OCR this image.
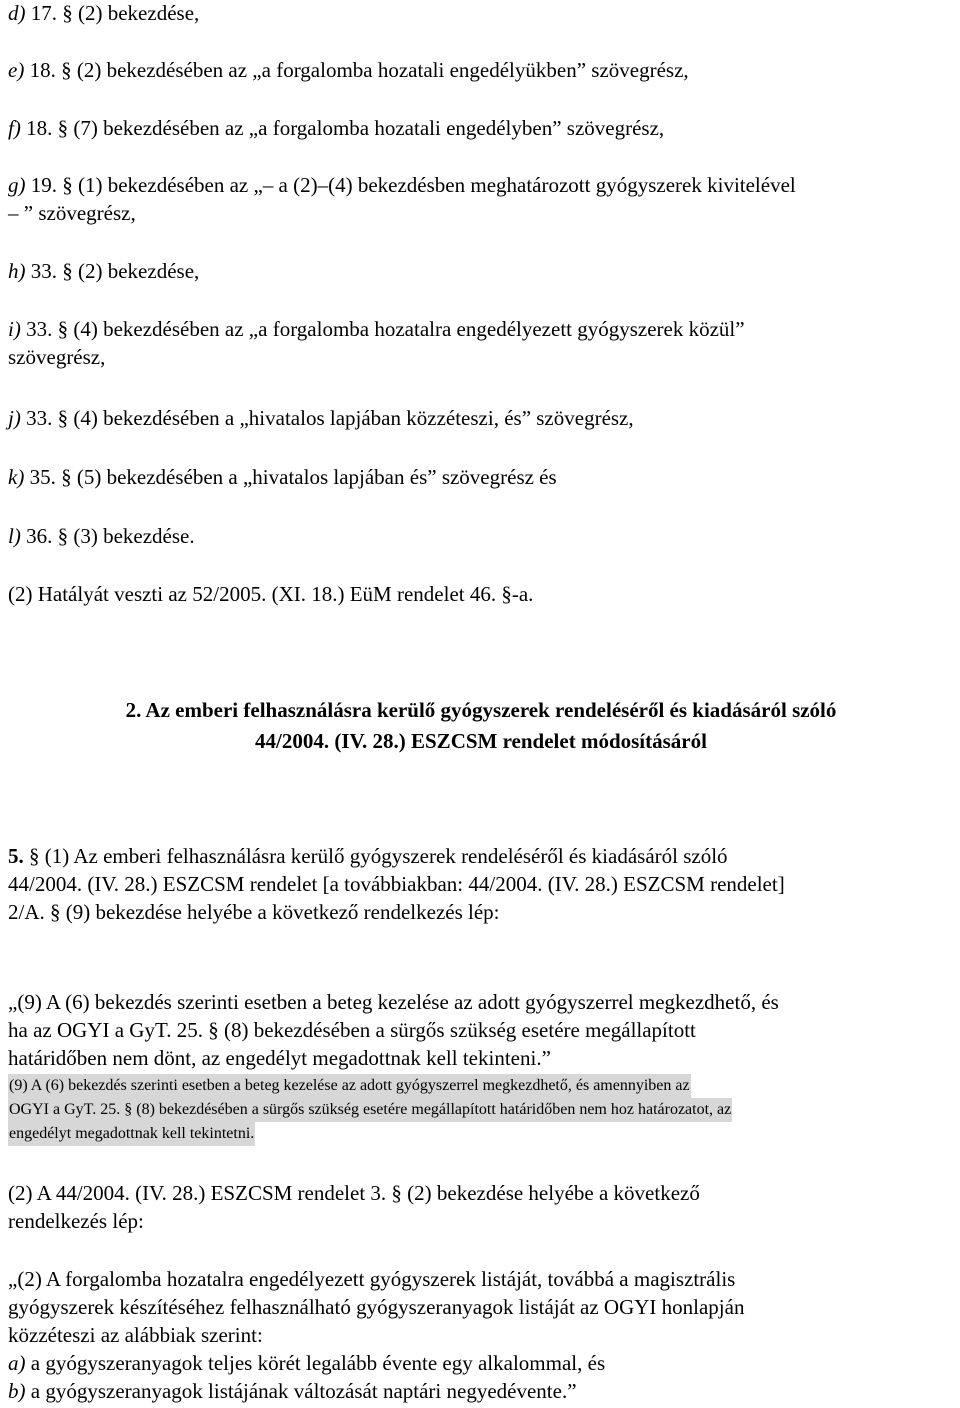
d) 17. § (2) bekezdése,
e) 18. § (2) bekezdésében az „a forgalomba hozatali engedélyükben” szövegrész,
f) 18. § (7) bekezdésében az „a forgalomba hozatali engedélyben” szövegrész,
g) 19. § (1) bekezdésében az „– a (2)–(4) bekezdésben meghatározott gyógyszerek kivitelével
– ” szövegrész,
h) 33. § (2) bekezdése,
i) 33. § (4) bekezdésében az „a forgalomba hozatalra engedélyezett gyógyszerek közül”
szövegrész,
j) 33. § (4) bekezdésében a „hivatalos lapjában közzéteszi, és” szövegrész,
k) 35. § (5) bekezdésében a „hivatalos lapjában és” szövegrész és
l) 36. § (3) bekezdése.
(2) Hatályát veszti az 52/2005. (XI. 18.) EüM rendelet 46. §-a.
2. Az emberi felhasználásra kerülő gyógyszerek rendeléséről és kiadásáról szóló
44/2004. (IV. 28.) ESZCSM rendelet módosításáról
5. § (1) Az emberi felhasználásra kerülő gyógyszerek rendeléséről és kiadásáról szóló
44/2004. (IV. 28.) ESZCSM rendelet [a továbbiakban: 44/2004. (IV. 28.) ESZCSM rendelet]
2/A. § (9) bekezdése helyébe a következő rendelkezés lép:
„(9) A (6) bekezdés szerinti esetben a beteg kezelése az adott gyógyszerrel megkezdhető, és
ha az OGYI a GyT. 25. § (8) bekezdésében a sürgős szükség esetére megállapított
határidőben nem dönt, az engedélyt megadottnak kell tekinteni.”
(9) A (6) bekezdés szerinti esetben a beteg kezelése az adott gyógyszerrel megkezdhető, és amennyiben az
OGYI a GyT. 25. § (8) bekezdésében a sürgős szükség esetére megállapított határidőben nem hoz határozatot, az
engedélyt megadottnak kell tekintetni.
(2) A 44/2004. (IV. 28.) ESZCSM rendelet 3. § (2) bekezdése helyébe a következő
rendelkezés lép:
„(2) A forgalomba hozatalra engedélyezett gyógyszerek listáját, továbbá a magisztrális
gyógyszerek készítéséhez felhasználható gyógyszeranyagok listáját az OGYI honlapján
közzéteszi az alábbiak szerint:
a) a gyógyszeranyagok teljes körét legalább évente egy alkalommal, és
b) a gyógyszeranyagok listájának változását naptári negyedévente.”
